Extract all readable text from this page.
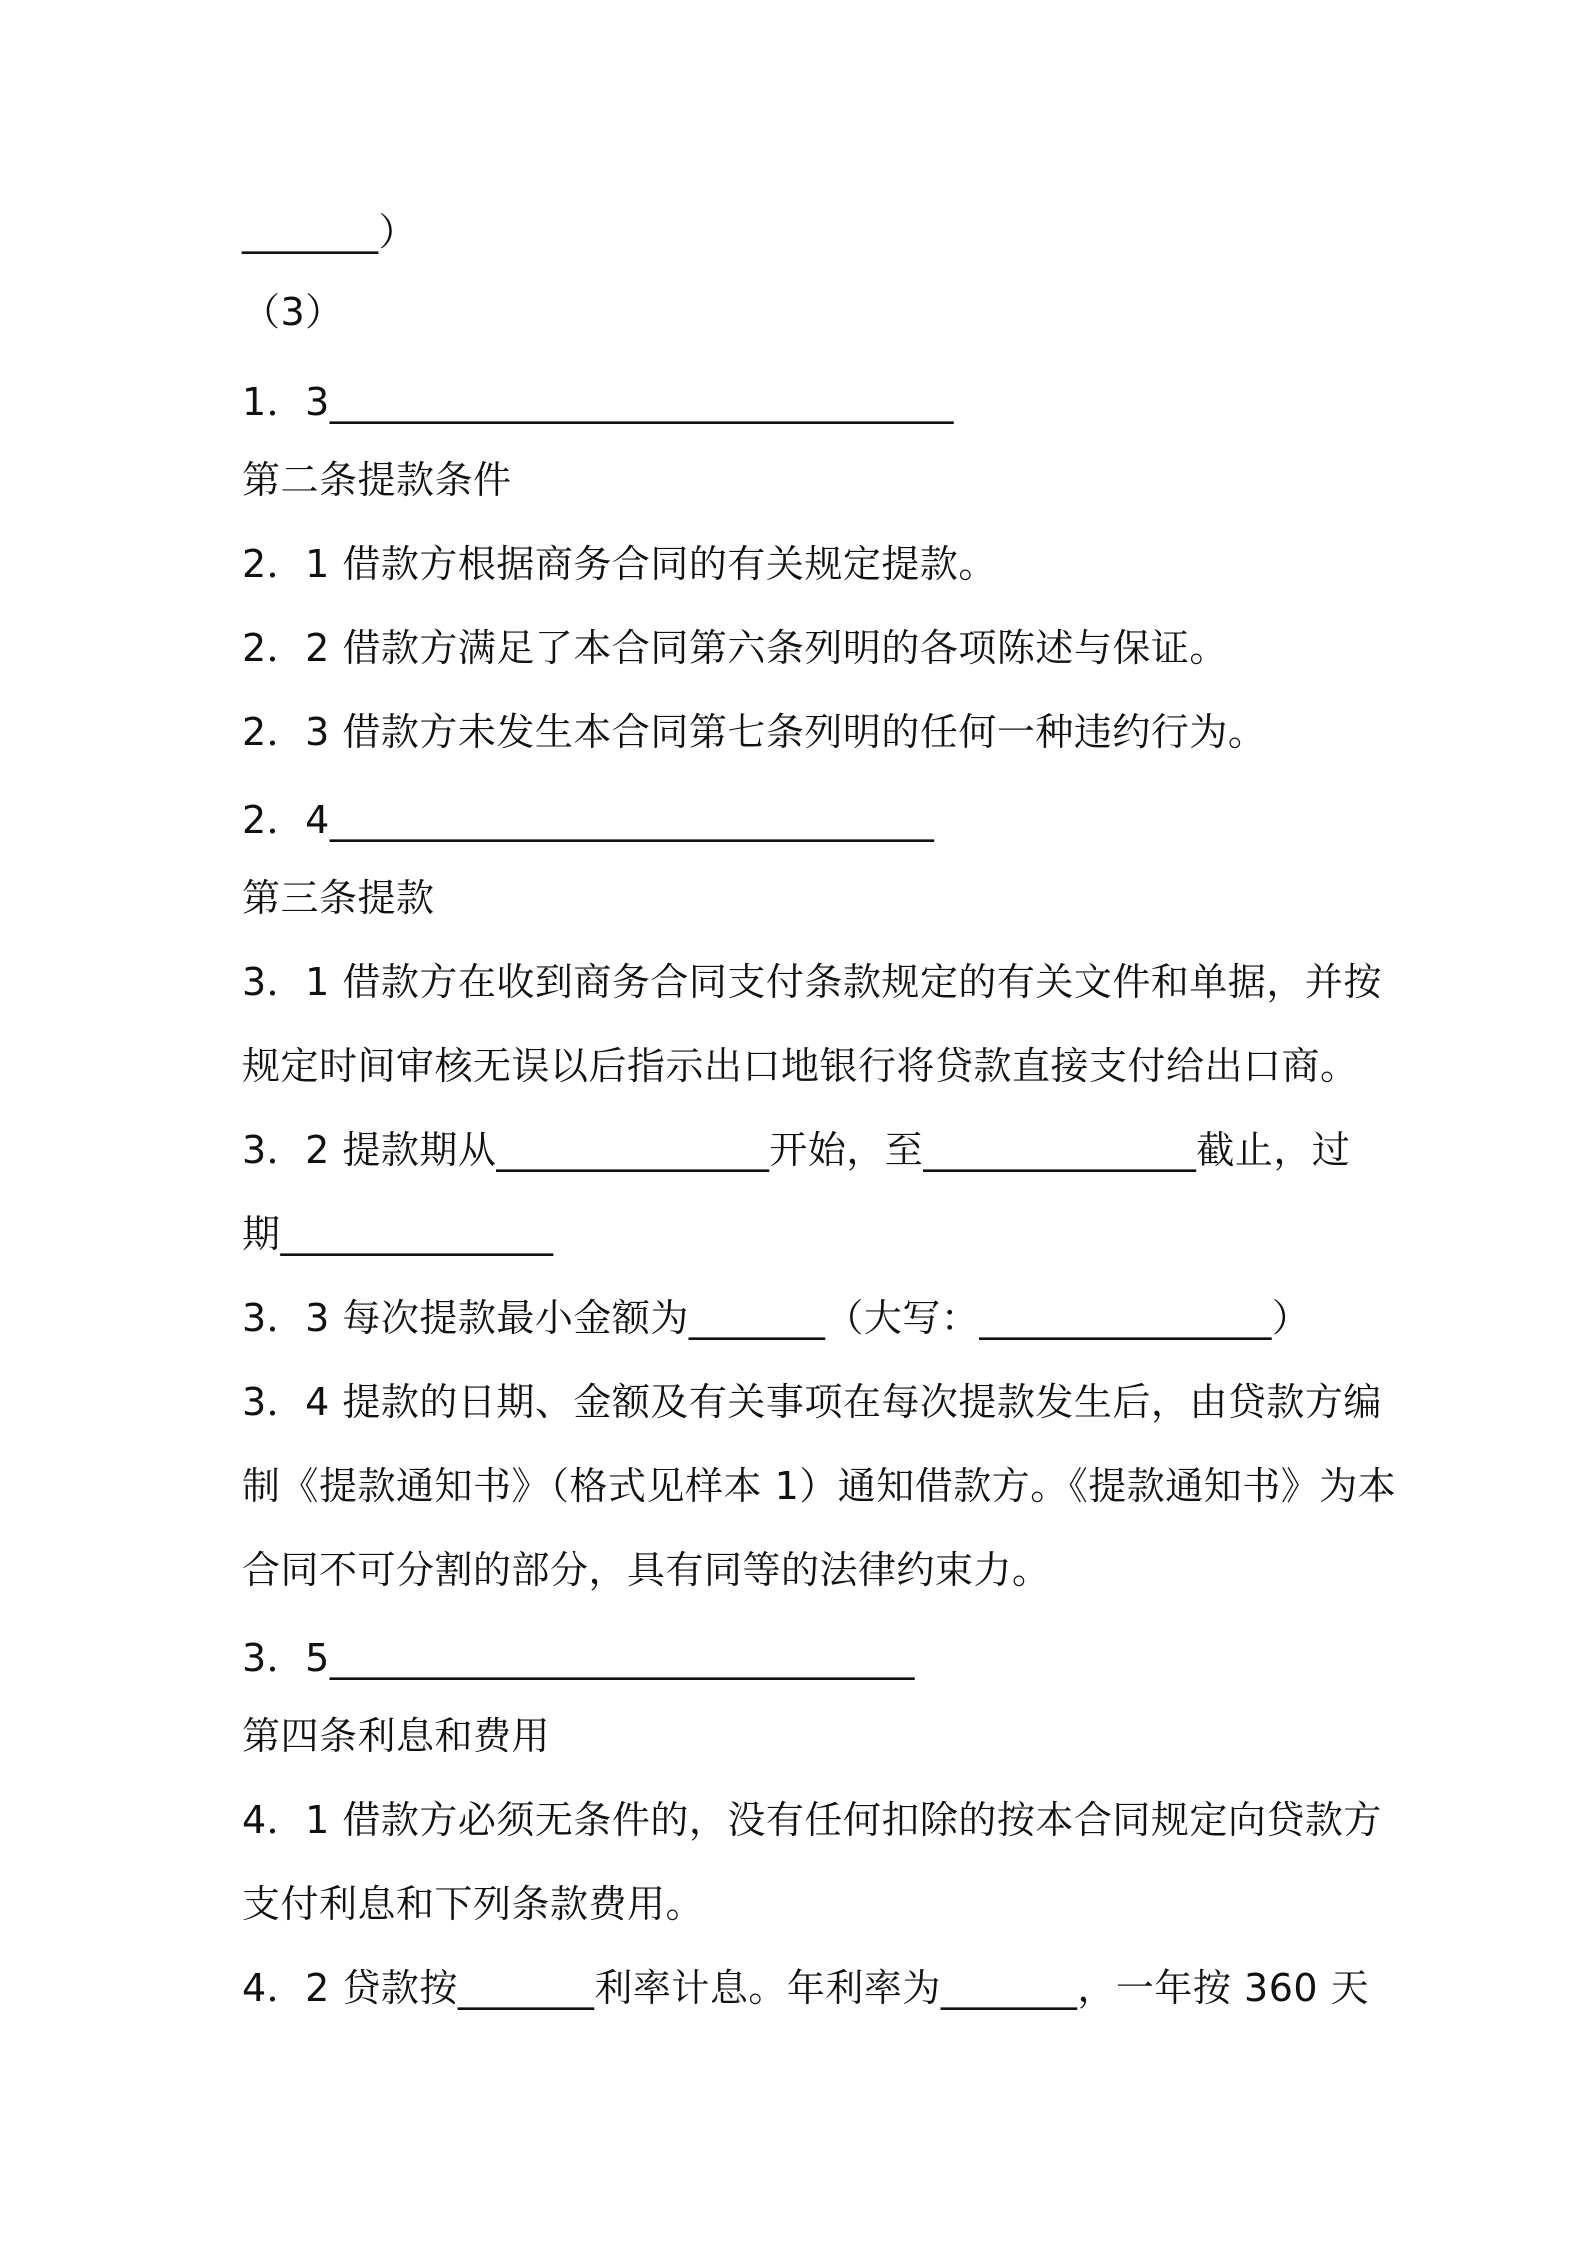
_______）

（3）

1．3________________________________

第二条提款条件

2．1 借款方根据商务合同的有关规定提款。

2．2 借款方满足了本合同第六条列明的各项陈述与保证。

2．3 借款方未发生本合同第七条列明的任何一种违约行为。

2．4_______________________________

第三条提款

3．1 借款方在收到商务合同支付条款规定的有关文件和单据，并按

规定时间审核无误以后指示出口地银行将贷款直接支付给出口商。

3．2 提款期从______________开始，至______________截止，过

期______________

3．3 每次提款最小金额为_______（大写：_______________）

3．4 提款的日期、金额及有关事项在每次提款发生后，由贷款方编

制《提款通知书》（格式见样本 1）通知借款方。《提款通知书》为本

合同不可分割的部分，具有同等的法律约束力。

3．5______________________________

第四条利息和费用

4．1 借款方必须无条件的，没有任何扣除的按本合同规定向贷款方

支付利息和下列条款费用。

4．2 贷款按_______利率计息。年利率为_______，一年按 360 天
